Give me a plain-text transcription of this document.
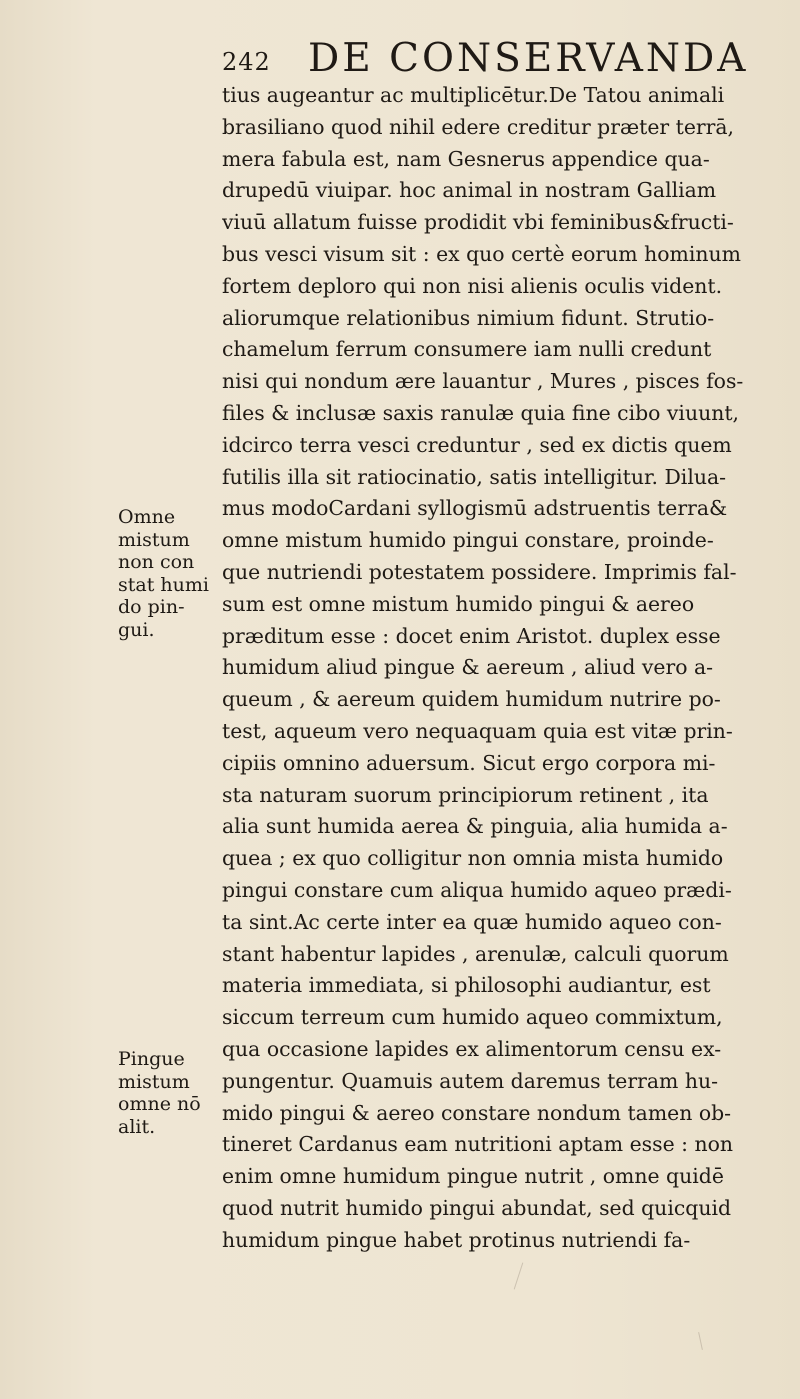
242 DE CONSERVANDA
Omne
mistum
non con
stat humi
do pin-
gui.
Pingue
mistum
omne nō
alit.
tius augeantur ac multiplicētur.De Tatou animali
brasiliano quod nihil edere creditur præter terrā,
mera fabula est, nam Gesnerus appendice qua-
drupedū viuipar. hoc animal in nostram Galliam
viuū allatum fuisse prodidit vbi feminibus&fructi-
bus vesci visum sit : ex quo certè eorum hominum
fortem deploro qui non nisi alienis oculis vident.
aliorumque relationibus nimium fidunt. Strutio-
chamelum ferrum consumere iam nulli credunt
nisi qui nondum ære lauantur , Mures , pisces fos-
files & inclusæ saxis ranulæ quia fine cibo viuunt,
idcirco terra vesci creduntur , sed ex dictis quem
futilis illa sit ratiocinatio, satis intelligitur. Dilua-
mus modoCardani syllogismū adstruentis terra&
omne mistum humido pingui constare, proinde-
que nutriendi potestatem possidere. Imprimis fal-
sum est omne mistum humido pingui & aereo
præditum esse : docet enim Aristot. duplex esse
humidum aliud pingue & aereum , aliud vero a-
queum , & aereum quidem humidum nutrire po-
test, aqueum vero nequaquam quia est vitæ prin-
cipiis omnino aduersum. Sicut ergo corpora mi-
sta naturam suorum principiorum retinent , ita
alia sunt humida aerea & pinguia, alia humida a-
quea ; ex quo colligitur non omnia mista humido
pingui constare cum aliqua humido aqueo prædi-
ta sint.Ac certe inter ea quæ humido aqueo con-
stant habentur lapides , arenulæ, calculi quorum
materia immediata, si philosophi audiantur, est
siccum terreum cum humido aqueo commixtum,
qua occasione lapides ex alimentorum censu ex-
pungentur. Quamuis autem daremus terram hu-
mido pingui & aereo constare nondum tamen ob-
tineret Cardanus eam nutritioni aptam esse : non
enim omne humidum pingue nutrit , omne quidē
quod nutrit humido pingui abundat, sed quicquid
humidum pingue habet protinus nutriendi fa-
